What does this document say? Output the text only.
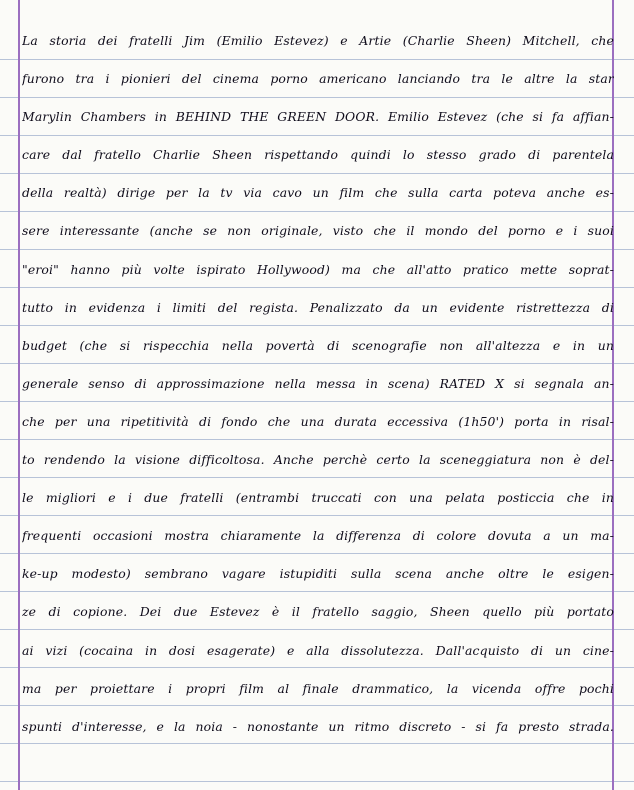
La storia dei fratelli Jim (Emilio Estevez) e Artie (Charlie Sheen) Mitchell, che
furono tra i pionieri del cinema porno americano lanciando tra le altre la star
Marylin Chambers in BEHIND THE GREEN DOOR. Emilio Estevez (che si fa affian-
care dal fratello Charlie Sheen rispettando quindi lo stesso grado di parentela
della realtà) dirige per la tv via cavo un film che sulla carta poteva anche es-
sere interessante (anche se non originale, visto che il mondo del porno e i suoi
"eroi" hanno più volte ispirato Hollywood) ma che all'atto pratico mette soprat-
tutto in evidenza i limiti del regista. Penalizzato da un evidente ristrettezza di
budget (che si rispecchia nella povertà di scenografie non all'altezza e in un
generale senso di approssimazione nella messa in scena) RATED X si segnala an-
che per una ripetitività di fondo che una durata eccessiva (1h50') porta in risal-
to rendendo la visione difficoltosa. Anche perchè certo la sceneggiatura non è del-
le migliori e i due fratelli (entrambi truccati con una pelata posticcia che in
frequenti occasioni mostra chiaramente la differenza di colore dovuta a un ma-
ke-up modesto) sembrano vagare istupiditi sulla scena anche oltre le esigen-
ze di copione. Dei due Estevez è il fratello saggio, Sheen quello più portato
ai vizi (cocaina in dosi esagerate) e alla dissolutezza. Dall'acquisto di un cine-
ma per proiettare i propri film al finale drammatico, la vicenda offre pochi
spunti d'interesse, e la noia - nonostante un ritmo discreto - si fa presto strada.
